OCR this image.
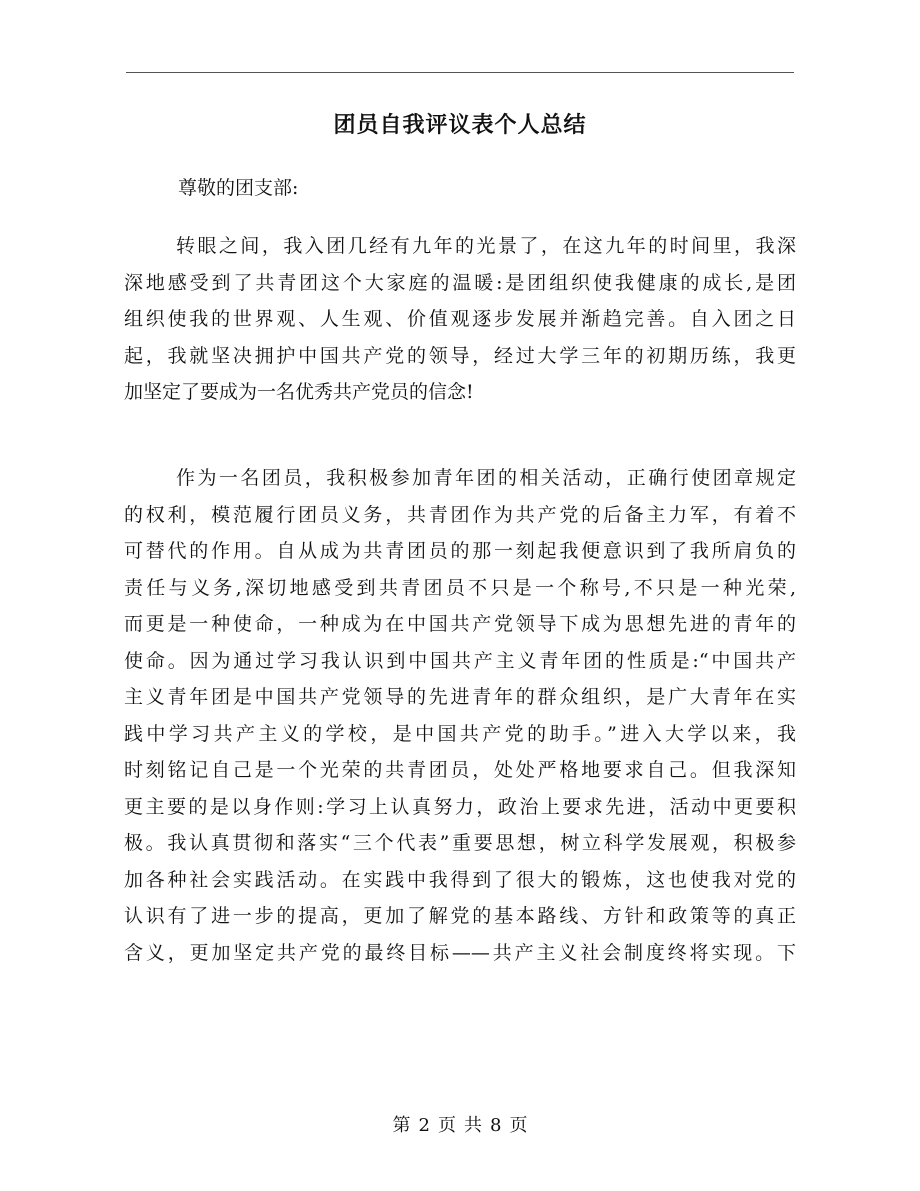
团员自我评议表个人总结
尊敬的团支部:
转眼之间，我入团几经有九年的光景了，在这九年的时间里，我深
深地感受到了共青团这个大家庭的温暖:是团组织使我健康的成长,是团
组织使我的世界观、人生观、价值观逐步发展并渐趋完善。自入团之日
起，我就坚决拥护中国共产党的领导，经过大学三年的初期历练，我更
加坚定了要成为一名优秀共产党员的信念!
作为一名团员，我积极参加青年团的相关活动，正确行使团章规定
的权利，模范履行团员义务，共青团作为共产党的后备主力军，有着不
可替代的作用。自从成为共青团员的那一刻起我便意识到了我所肩负的
责任与义务,深切地感受到共青团员不只是一个称号,不只是一种光荣,
而更是一种使命，一种成为在中国共产党领导下成为思想先进的青年的
使命。因为通过学习我认识到中国共产主义青年团的性质是:“中国共产
主义青年团是中国共产党领导的先进青年的群众组织，是广大青年在实
践中学习共产主义的学校，是中国共产党的助手。”进入大学以来，我
时刻铭记自己是一个光荣的共青团员，处处严格地要求自己。但我深知
更主要的是以身作则:学习上认真努力，政治上要求先进，活动中更要积
极。我认真贯彻和落实“三个代表”重要思想，树立科学发展观，积极参
加各种社会实践活动。在实践中我得到了很大的锻炼，这也使我对党的
认识有了进一步的提高，更加了解党的基本路线、方针和政策等的真正
含义，更加坚定共产党的最终目标——共产主义社会制度终将实现。下
第 2 页 共 8 页
